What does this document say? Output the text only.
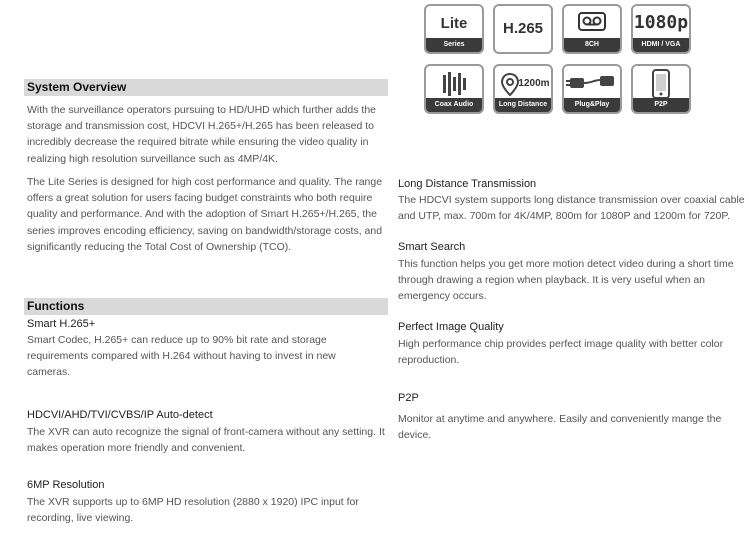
Lite
Series
H.265
8CH
1080p
HDMI / VGA
Coax Audio
1200m
Long Distance	Plug&Play	P2P
System Overview
With the surveillance operators pursuing to HD/UHD which further adds the storage and transmission cost, HDCVI H.265+/H.265 has been released to incredibly decrease the required bitrate while ensuring the video quality in realizing high resolution surveillance such as 4MP/4K.
The Lite Series is designed for high cost performance and quality. The range offers a great solution for users facing budget constraints who both require quality and performance. And with the adoption of Smart H.265+/H.265, the series improves encoding efficiency, saving on bandwidth/storage costs, and significantly reducing the Total Cost of Ownership (TCO).
Functions
Smart H.265+
Smart Codec, H.265+ can reduce up to 90% bit rate and storage requirements compared with H.264 without having to invest in new cameras.
HDCVI/AHD/TVI/CVBS/IP Auto-detect
The XVR can auto recognize the signal of front-camera without any setting. It makes operation more friendly and convenient.
6MP Resolution
The XVR supports up to 6MP HD resolution (2880 x 1920) IPC input for recording, live viewing.
Long Distance Transmission
The HDCVI system supports long distance transmission over coaxial cable and UTP, max. 700m for 4K/4MP, 800m for 1080P and 1200m for 720P.
Smart Search
This function helps you get more motion detect video during a short time through drawing a region when playback. It is very useful when an emergency occurs.
Perfect Image Quality
High performance chip provides perfect image quality with better color reproduction.
P2P
Monitor at anytime and anywhere. Easily and conveniently mange the device.
